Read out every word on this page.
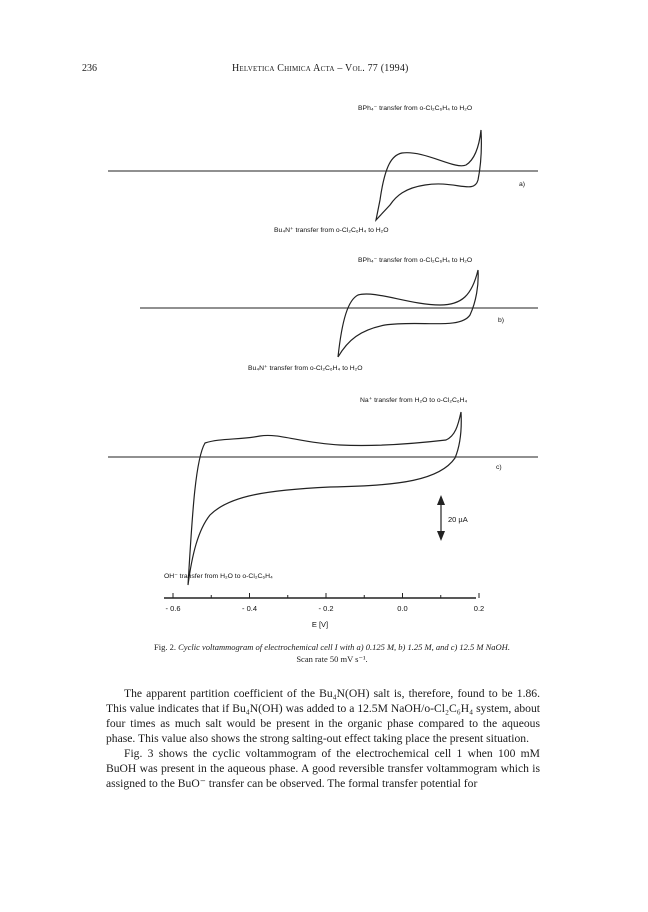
236	Helvetica Chimica Acta – Vol. 77 (1994)
BPh₄⁻ transfer from o-Cl₂C₆H₄ to H₂O
a)
Bu₄N⁺ transfer from o-Cl₂C₆H₄ to H₂O
BPh₄⁻ transfer from o-Cl₂C₆H₄ to H₂O
b)
Bu₄N⁺ transfer from o-Cl₂C₆H₄ to H₂O
Na⁺ transfer from H₂O to o-Cl₂C₆H₄
c)
20 µA
OH⁻ transfer from H₂O to o-Cl₂C₆H₄
- 0.6	- 0.4	- 0.2	0.0	0.2
E [V]
Fig. 2. Cyclic voltammogram of electrochemical cell I with a) 0.125 M, b) 1.25 M, and c) 12.5 M NaOH.
Scan rate 50 mV s⁻¹.

The apparent partition coefficient of the Bu₄N(OH) salt is, therefore, found to be 1.86. This value indicates that if Bu₄N(OH) was added to a 12.5M NaOH/o-Cl₂C₆H₄ system, about four times as much salt would be present in the organic phase compared to the aqueous phase. This value also shows the strong salting-out effect taking place the present situation.

Fig. 3 shows the cyclic voltammogram of the electrochemical cell 1 when 100 mM BuOH was present in the aqueous phase. A good reversible transfer voltammogram which is assigned to the BuO⁻ transfer can be observed. The formal transfer potential for
